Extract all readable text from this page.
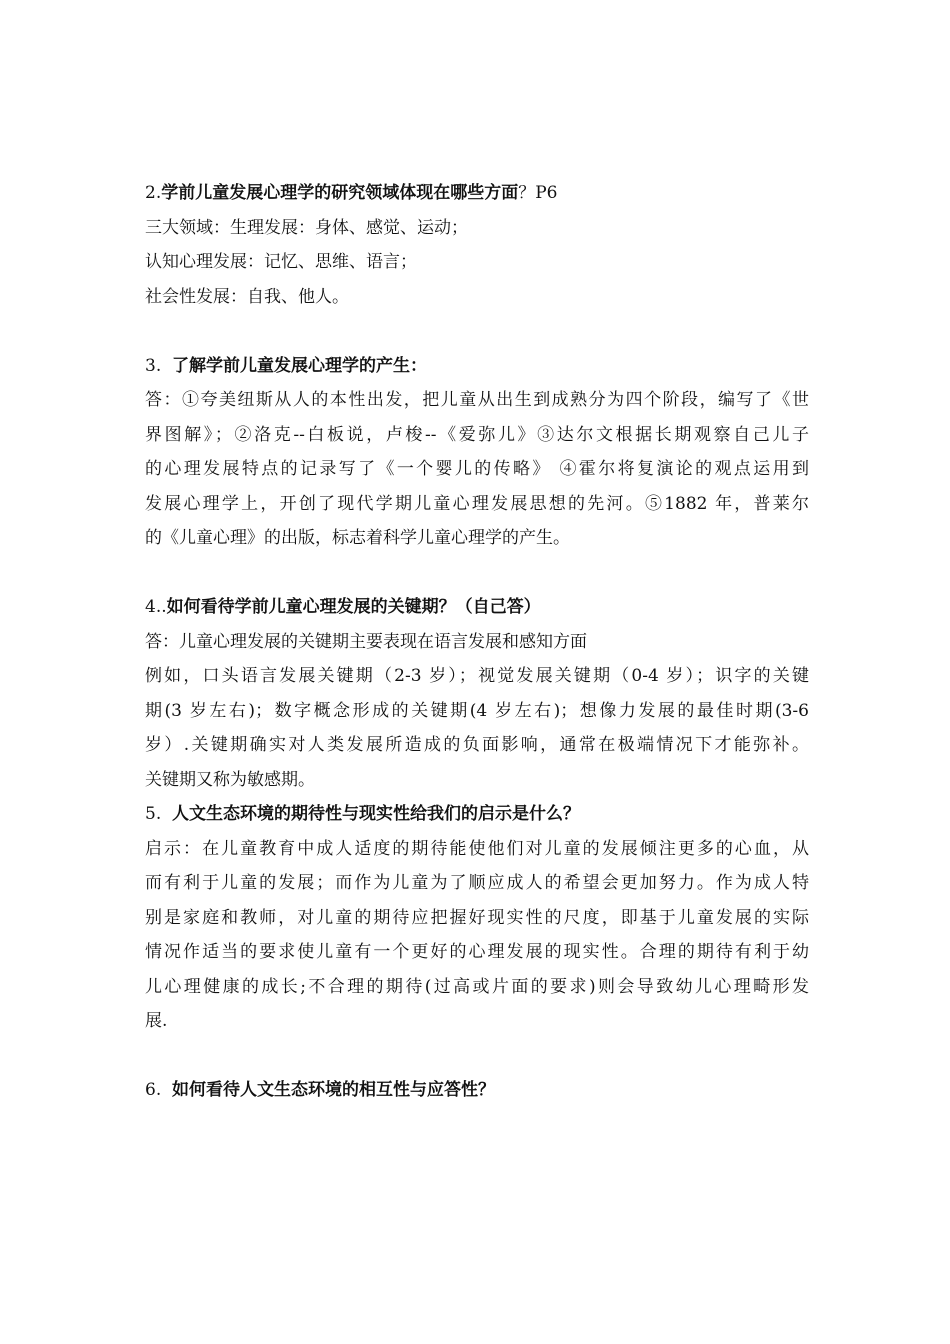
2.学前儿童发展心理学的研究领域体现在哪些方面？P6
三大领域：生理发展：身体、感觉、运动；
认知心理发展：记忆、思维、语言；
社会性发展：自我、他人。
3. 了解学前儿童发展心理学的产生：
答：①夸美纽斯从人的本性出发，把儿童从出生到成熟分为四个阶段，编写了《世
界图解》；②洛克--白板说，卢梭--《爱弥儿》③达尔文根据长期观察自己儿子
的心理发展特点的记录写了《一个婴儿的传略》 ④霍尔将复演论的观点运用到
发展心理学上，开创了现代学期儿童心理发展思想的先河。⑤1882 年，普莱尔
的《儿童心理》的出版，标志着科学儿童心理学的产生。
4..如何看待学前儿童心理发展的关键期？（自己答）
答：儿童心理发展的关键期主要表现在语言发展和感知方面
例如，口头语言发展关键期（2-3 岁）；视觉发展关键期（0-4 岁）；识字的关键
期(3 岁左右)；数字概念形成的关键期(4 岁左右)；想像力发展的最佳时期(3-6
岁）.关键期确实对人类发展所造成的负面影响，通常在极端情况下才能弥补。
关键期又称为敏感期。
5. 人文生态环境的期待性与现实性给我们的启示是什么？
启示：在儿童教育中成人适度的期待能使他们对儿童的发展倾注更多的心血，从
而有利于儿童的发展；而作为儿童为了顺应成人的希望会更加努力。作为成人特
别是家庭和教师，对儿童的期待应把握好现实性的尺度，即基于儿童发展的实际
情况作适当的要求使儿童有一个更好的心理发展的现实性。合理的期待有利于幼
儿心理健康的成长;不合理的期待(过高或片面的要求)则会导致幼儿心理畸形发
展.
6. 如何看待人文生态环境的相互性与应答性？
